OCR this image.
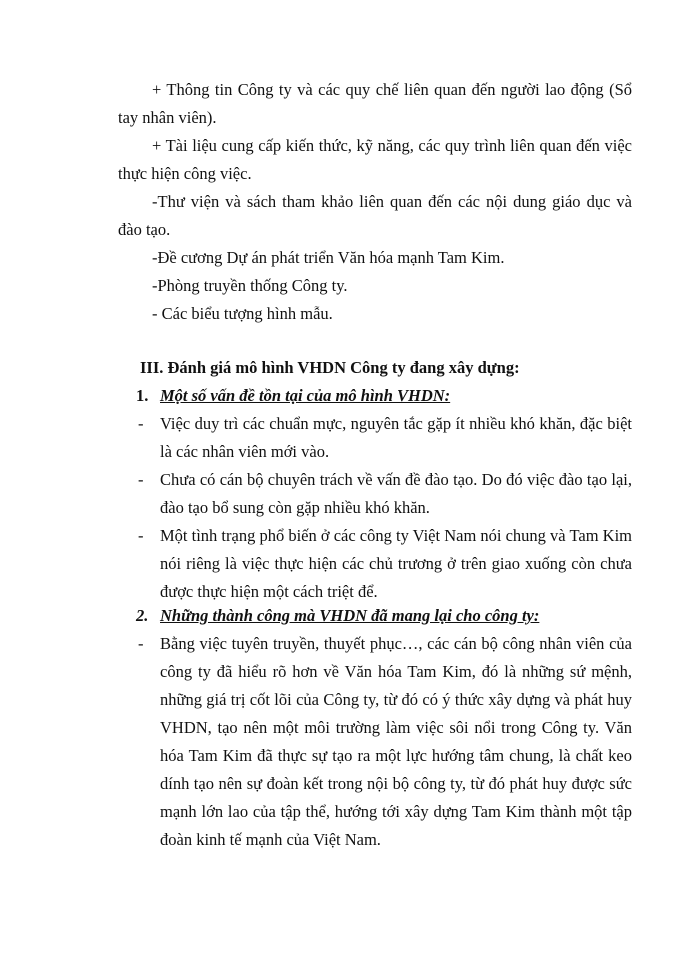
+ Thông tin Công ty và các quy chế liên quan đến người lao động (Sổ tay nhân viên).
+ Tài liệu cung cấp kiến thức, kỹ năng, các quy trình liên quan đến việc thực hiện công việc.
-Thư viện và sách tham khảo liên quan đến các nội dung giáo dục và đào tạo.
-Đề cương Dự án phát triển Văn hóa mạnh Tam Kim.
-Phòng truyền thống Công ty.
- Các biểu tượng hình mẫu.
III. Đánh giá mô hình VHDN Công ty đang xây dựng:
1. Một số vấn đề tồn tại của mô hình VHDN:
- Việc duy trì các chuẩn mực, nguyên tắc gặp ít nhiều khó khăn, đặc biệt là các nhân viên mới vào.
- Chưa có cán bộ chuyên trách về vấn đề đào tạo. Do đó việc đào tạo lại, đào tạo bổ sung còn gặp nhiều khó khăn.
- Một tình trạng phổ biến ở các công ty Việt Nam nói chung và Tam Kim nói riêng là việc thực hiện các chủ trương ở trên giao xuống còn chưa được thực hiện một cách triệt để.
2. Những thành công mà VHDN đã mang lại cho công ty:
- Bằng việc tuyên truyền, thuyết phục…, các cán bộ công nhân viên của công ty đã hiểu rõ hơn về Văn hóa Tam Kim, đó là những sứ mệnh, những giá trị cốt lõi của Công ty, từ đó có ý thức xây dựng và phát huy VHDN, tạo nên một môi trường làm việc sôi nổi trong Công ty. Văn hóa Tam Kim đã thực sự tạo ra một lực hướng tâm chung, là chất keo dính tạo nên sự đoàn kết trong nội bộ công ty, từ đó phát huy được sức mạnh lớn lao của tập thể, hướng tới xây dựng Tam Kim thành một tập đoàn kinh tế mạnh của Việt Nam.
